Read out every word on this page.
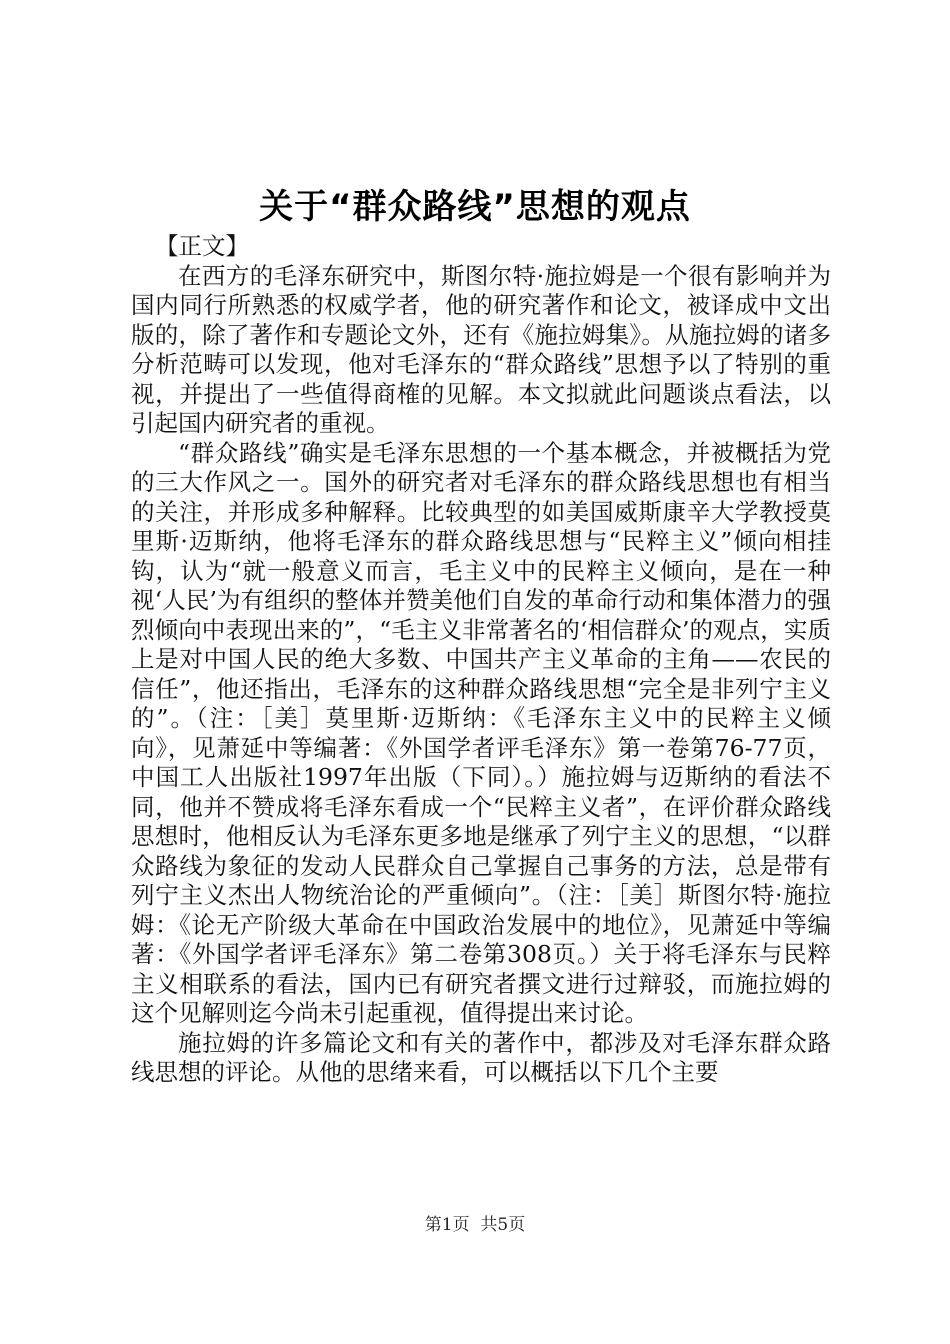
关于“群众路线”思想的观点

【正文】

在西方的毛泽东研究中，斯图尔特·施拉姆是一个很有影响并为国内同行所熟悉的权威学者，他的研究著作和论文，被译成中文出版的，除了著作和专题论文外，还有《施拉姆集》。从施拉姆的诸多分析范畴可以发现，他对毛泽东的“群众路线”思想予以了特别的重视，并提出了一些值得商榷的见解。本文拟就此问题谈点看法，以引起国内研究者的重视。

“群众路线”确实是毛泽东思想的一个基本概念，并被概括为党的三大作风之一。国外的研究者对毛泽东的群众路线思想也有相当的关注，并形成多种解释。比较典型的如美国威斯康辛大学教授莫里斯·迈斯纳，他将毛泽东的群众路线思想与“民粹主义”倾向相挂钩，认为“就一般意义而言，毛主义中的民粹主义倾向，是在一种视‘人民’为有组织的整体并赞美他们自发的革命行动和集体潜力的强烈倾向中表现出来的”，“毛主义非常著名的‘相信群众’的观点，实质上是对中国人民的绝大多数、中国共产主义革命的主角——农民的信任”，他还指出，毛泽东的这种群众路线思想“完全是非列宁主义的”。（注：［美］莫里斯·迈斯纳：《毛泽东主义中的民粹主义倾向》，见萧延中等编著：《外国学者评毛泽东》第一卷第76-77页，中国工人出版社1997年出版（下同）。）施拉姆与迈斯纳的看法不同，他并不赞成将毛泽东看成一个“民粹主义者”，在评价群众路线思想时，他相反认为毛泽东更多地是继承了列宁主义的思想，“以群众路线为象征的发动人民群众自己掌握自己事务的方法，总是带有列宁主义杰出人物统治论的严重倾向”。（注：［美］斯图尔特·施拉姆：《论无产阶级大革命在中国政治发展中的地位》，见萧延中等编著：《外国学者评毛泽东》第二卷第308页。）关于将毛泽东与民粹主义相联系的看法，国内已有研究者撰文进行过辩驳，而施拉姆的这个见解则迄今尚未引起重视，值得提出来讨论。

施拉姆的许多篇论文和有关的著作中，都涉及对毛泽东群众路线思想的评论。从他的思绪来看，可以概括以下几个主要

第1页  共5页
